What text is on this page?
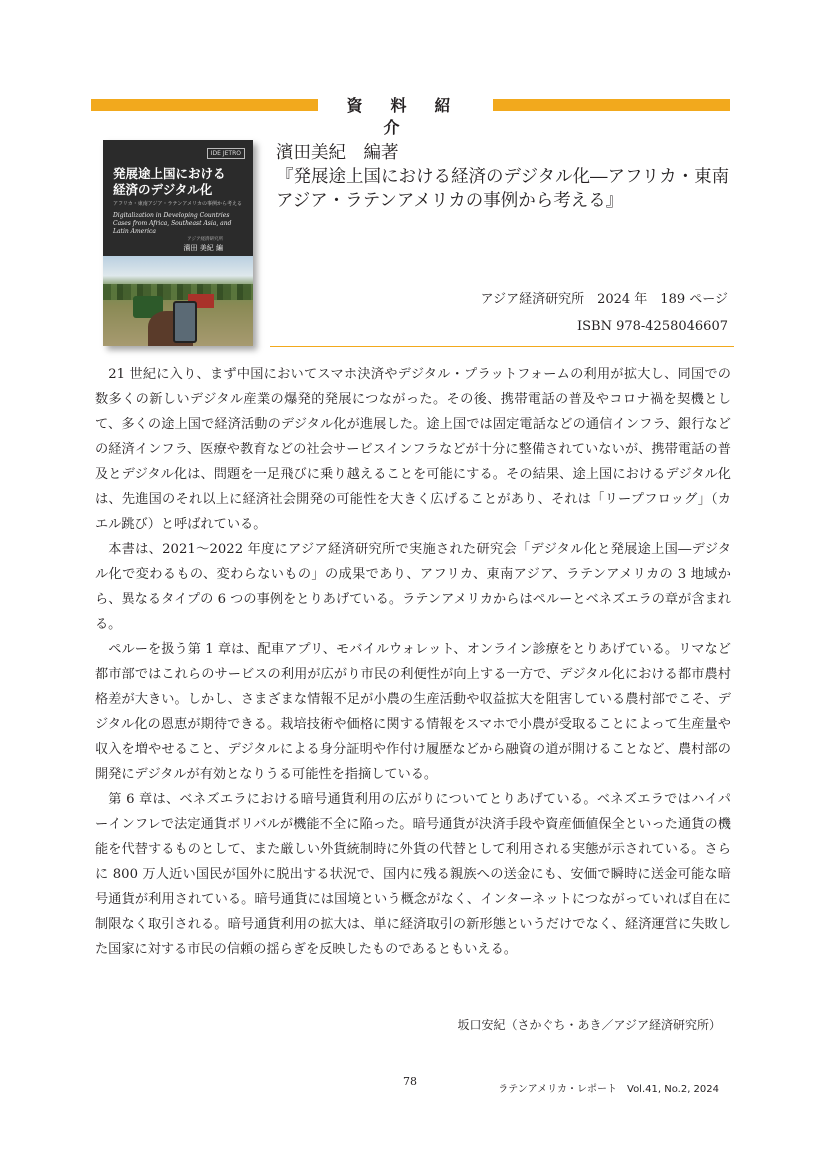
資料紹介
IDE JETRO
発展途上国における
経済のデジタル化
アフリカ・東南アジア・ラテンアメリカの事例から考える
Digitalization in Developing Countries
Cases from Africa, Southeast Asia, and Latin America
アジア経済研究所
濱田 美紀 編
濱田美紀　編著
『発展途上国における経済のデジタル化―アフリカ・東南アジア・ラテンアメリカの事例から考える』
アジア経済研究所　2024 年　189 ページ
ISBN 978-4258046607

21 世紀に入り、まず中国においてスマホ決済やデジタル・プラットフォームの利用が拡大し、同国での数多くの新しいデジタル産業の爆発的発展につながった。その後、携帯電話の普及やコロナ禍を契機として、多くの途上国で経済活動のデジタル化が進展した。途上国では固定電話などの通信インフラ、銀行などの経済インフラ、医療や教育などの社会サービスインフラなどが十分に整備されていないが、携帯電話の普及とデジタル化は、問題を一足飛びに乗り越えることを可能にする。その結果、途上国におけるデジタル化は、先進国のそれ以上に経済社会開発の可能性を大きく広げることがあり、それは「リープフロッグ」（カエル跳び）と呼ばれている。

本書は、2021〜2022 年度にアジア経済研究所で実施された研究会「デジタル化と発展途上国―デジタル化で変わるもの、変わらないもの」の成果であり、アフリカ、東南アジア、ラテンアメリカの 3 地域から、異なるタイプの 6 つの事例をとりあげている。ラテンアメリカからはペルーとベネズエラの章が含まれる。

ペルーを扱う第 1 章は、配車アプリ、モバイルウォレット、オンライン診療をとりあげている。リマなど都市部ではこれらのサービスの利用が広がり市民の利便性が向上する一方で、デジタル化における都市農村格差が大きい。しかし、さまざまな情報不足が小農の生産活動や収益拡大を阻害している農村部でこそ、デジタル化の恩恵が期待できる。栽培技術や価格に関する情報をスマホで小農が受取ることによって生産量や収入を増やせること、デジタルによる身分証明や作付け履歴などから融資の道が開けることなど、農村部の開発にデジタルが有効となりうる可能性を指摘している。

第 6 章は、ベネズエラにおける暗号通貨利用の広がりについてとりあげている。ベネズエラではハイパーインフレで法定通貨ボリバルが機能不全に陥った。暗号通貨が決済手段や資産価値保全といった通貨の機能を代替するものとして、また厳しい外貨統制時に外貨の代替として利用される実態が示されている。さらに 800 万人近い国民が国外に脱出する状況で、国内に残る親族への送金にも、安価で瞬時に送金可能な暗号通貨が利用されている。暗号通貨には国境という概念がなく、インターネットにつながっていれば自在に制限なく取引される。暗号通貨利用の拡大は、単に経済取引の新形態というだけでなく、経済運営に失敗した国家に対する市民の信頼の揺らぎを反映したものであるともいえる。

坂口安紀（さかぐち・あき／アジア経済研究所）
78
ラテンアメリカ・レポート　Vol.41, No.2, 2024
